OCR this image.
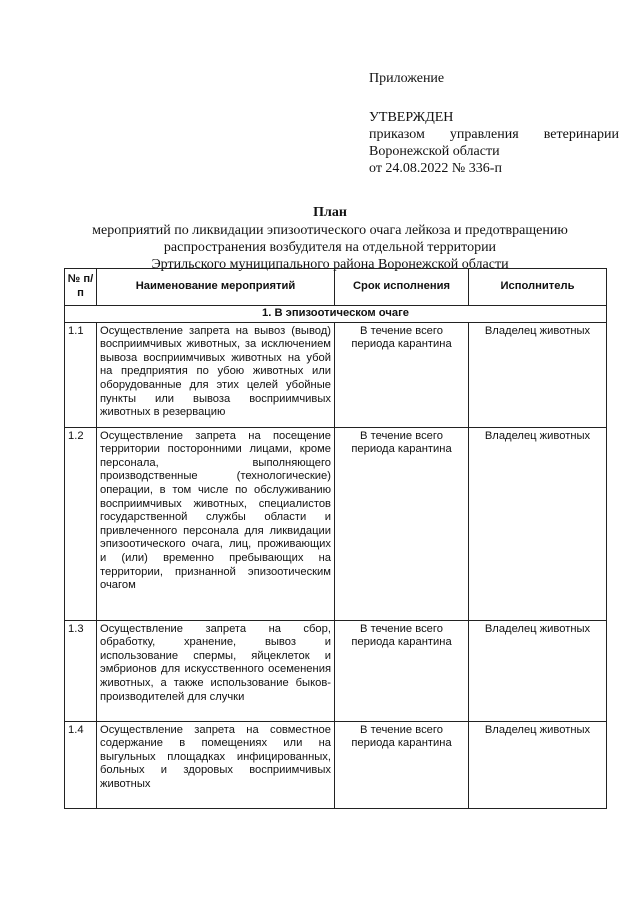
Приложение
УТВЕРЖДЕН
приказом управления ветеринарии
Воронежской области
от 24.08.2022 № 336-п
План
мероприятий по ликвидации эпизоотического очага лейкоза и предотвращению
распространения возбудителя на отдельной территории
Эртильского муниципального района Воронежской области
№ п/п	Наименование мероприятий	Срок исполнения	Исполнитель
1. В эпизоотическом очаге			
1.1	Осуществление запрета на вывоз (вывод) восприимчивых животных, за исключением вывоза восприимчивых животных на убой на предприятия по убою животных или оборудованные для этих целей убойные пункты или вывоза восприимчивых животных в резервацию	В течение всего периода карантина	Владелец животных
1.2	Осуществление запрета на посещение территории посторонними лицами, кроме персонала, выполняющего производственные (технологические) операции, в том числе по обслуживанию восприимчивых животных, специалистов государственной службы области и привлеченного персонала для ликвидации эпизоотического очага, лиц, проживающих и (или) временно пребывающих на территории, признанной эпизоотическим очагом	В течение всего периода карантина	Владелец животных
1.3	Осуществление запрета на сбор, обработку, хранение, вывоз и использование спермы, яйцеклеток и эмбрионов для искусственного осеменения животных, а также использование быков-производителей для случки	В течение всего периода карантина	Владелец животных
1.4	Осуществление запрета на совместное содержание в помещениях или на выгульных площадках инфицированных, больных и здоровых восприимчивых животных	В течение всего периода карантина	Владелец животных
